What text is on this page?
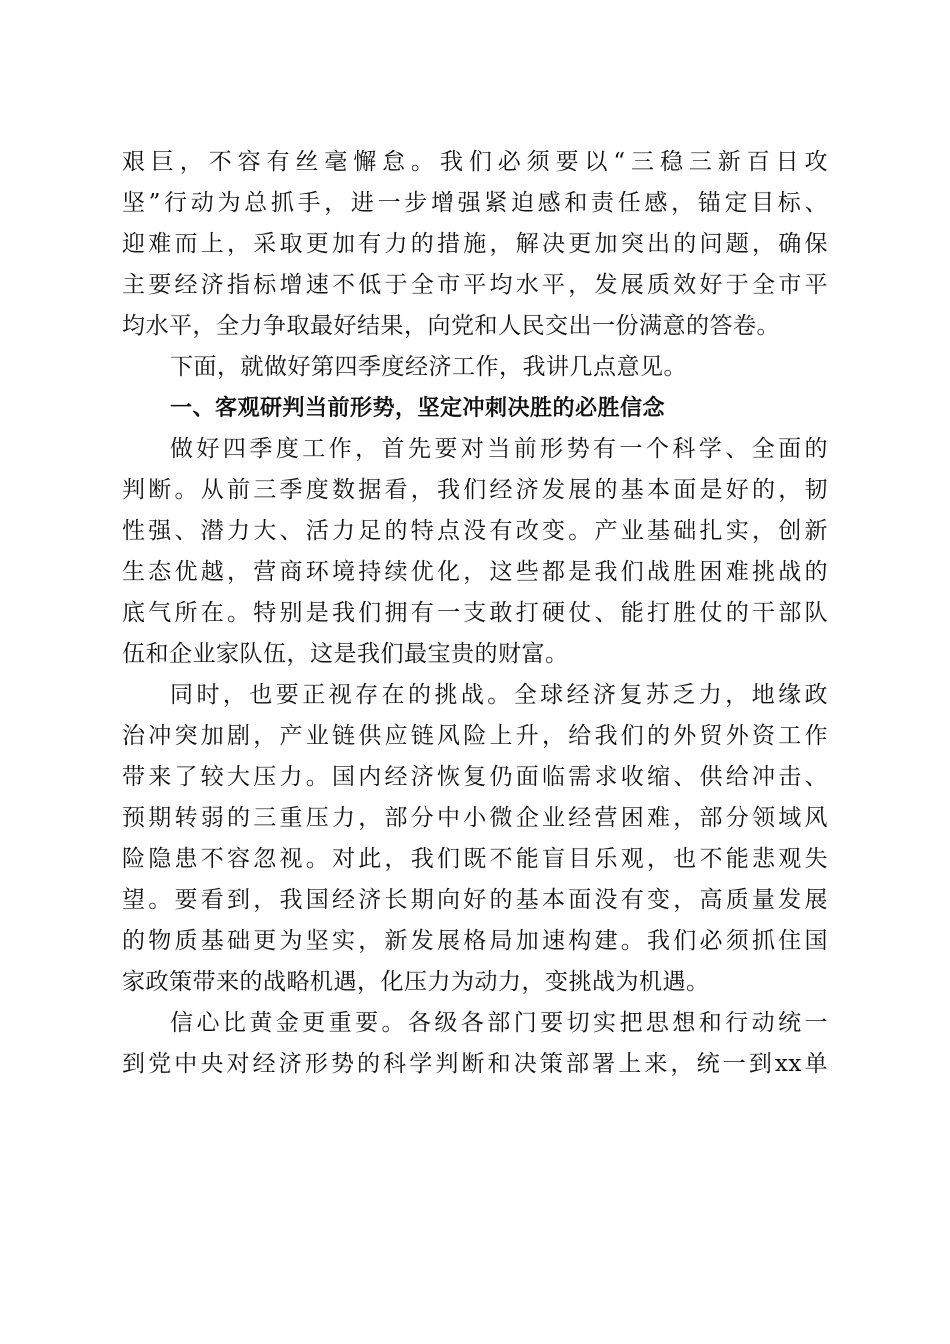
艰巨，不容有丝毫懈怠。我们必须要以“三稳三新百日攻
坚”行动为总抓手，进一步增强紧迫感和责任感，锚定目标、
迎难而上，采取更加有力的措施，解决更加突出的问题，确保
主要经济指标增速不低于全市平均水平，发展质效好于全市平
均水平，全力争取最好结果，向党和人民交出一份满意的答卷。
下面，就做好第四季度经济工作，我讲几点意见。
一、客观研判当前形势，坚定冲刺决胜的必胜信念
做好四季度工作，首先要对当前形势有一个科学、全面的
判断。从前三季度数据看，我们经济发展的基本面是好的，韧
性强、潜力大、活力足的特点没有改变。产业基础扎实，创新
生态优越，营商环境持续优化，这些都是我们战胜困难挑战的
底气所在。特别是我们拥有一支敢打硬仗、能打胜仗的干部队
伍和企业家队伍，这是我们最宝贵的财富。
同时，也要正视存在的挑战。全球经济复苏乏力，地缘政
治冲突加剧，产业链供应链风险上升，给我们的外贸外资工作
带来了较大压力。国内经济恢复仍面临需求收缩、供给冲击、
预期转弱的三重压力，部分中小微企业经营困难，部分领域风
险隐患不容忽视。对此，我们既不能盲目乐观，也不能悲观失
望。要看到，我国经济长期向好的基本面没有变，高质量发展
的物质基础更为坚实，新发展格局加速构建。我们必须抓住国
家政策带来的战略机遇，化压力为动力，变挑战为机遇。
信心比黄金更重要。各级各部门要切实把思想和行动统一
到党中央对经济形势的科学判断和决策部署上来，统一到xx单
